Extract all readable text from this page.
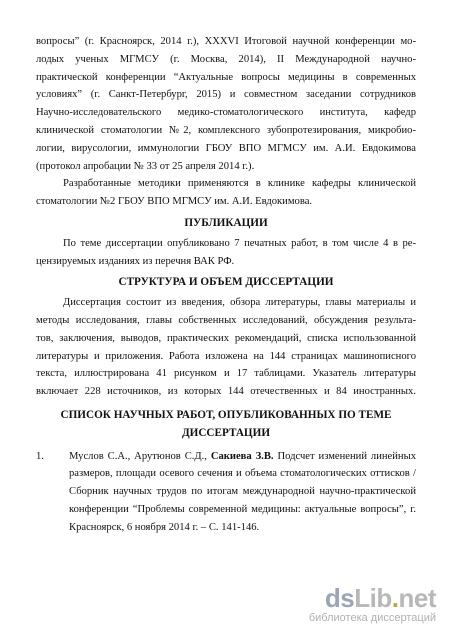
вопросы” (г. Красноярск, 2014 г.), XXXVI Итоговой научной конференции мо-
лодых ученых МГМСУ (г. Москва, 2014), II Международной научно-
практической конференции “Актуальные вопросы медицины в современных
условиях” (г. Санкт-Петербург, 2015) и совместном заседании сотрудников
Научно-исследовательского медико-стоматологического института, кафедр
клинической стоматологии №2, комплексного зубопротезирования, микробио-
логии, вирусологии, иммунологии ГБОУ ВПО МГМСУ им. А.И. Евдокимова
(протокол апробации № 33 от 25 апреля 2014 г.).
Разработанные методики применяются в клинике кафедры клинической
стоматологии №2 ГБОУ ВПО МГМСУ им. А.И. Евдокимова.
ПУБЛИКАЦИИ
По теме диссертации опубликовано 7 печатных работ, в том числе 4 в ре-
цензируемых изданиях из перечня ВАК РФ.
СТРУКТУРА И ОБЪЕМ ДИССЕРТАЦИИ
Диссертация состоит из введения, обзора литературы, главы материалы и
методы исследования, главы собственных исследований, обсуждения результа-
тов, заключения, выводов, практических рекомендаций, списка использованной
литературы и приложения. Работа изложена на 144 страницах машинописного
текста, иллюстрирована 41 рисунком и 17 таблицами. Указатель литературы
включает 228 источников, из которых 144 отечественных и 84 иностранных.
СПИСОК НАУЧНЫХ РАБОТ, ОПУБЛИКОВАННЫХ ПО ТЕМЕ
ДИССЕРТАЦИИ
1. Муслов С.А., Арутюнов С.Д., Сакиева З.В. Подсчет изменений линейных
размеров, площади осевого сечения и объема стоматологических оттисков /
Сборник научных трудов по итогам международной научно-практической
конференции “Проблемы современной медицины: актуальные вопросы”, г.
Красноярск, 6 ноября 2014 г. – С. 141-146.
dsLib.net
библиотека диссертаций
